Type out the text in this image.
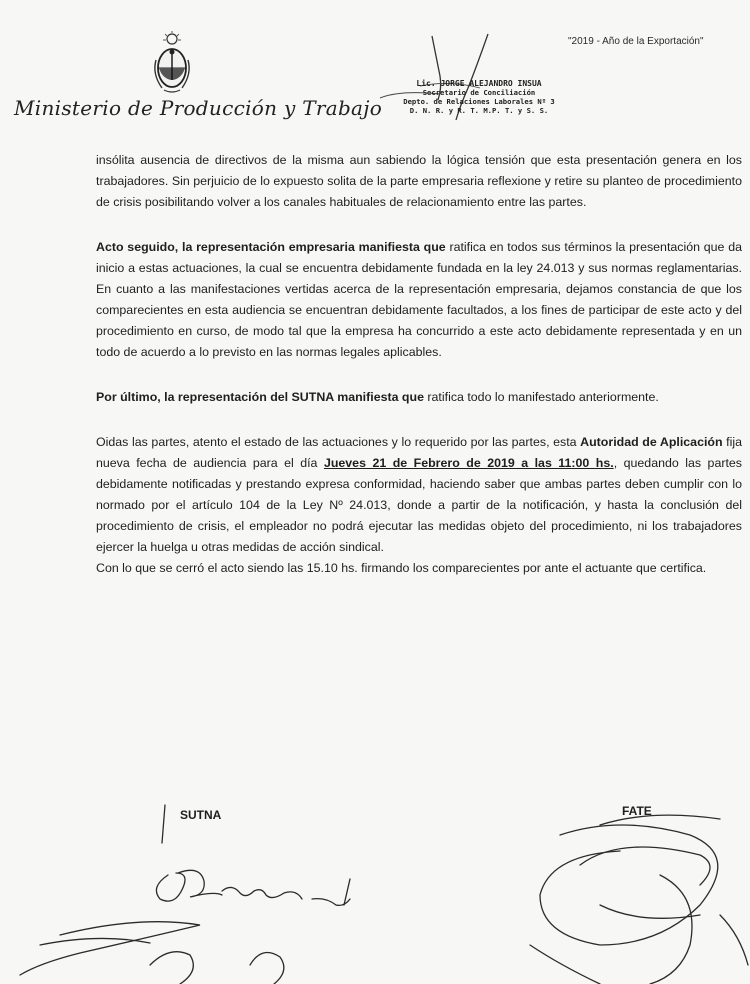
"2019 - Año de la Exportación"
Ministerio de Producción y Trabajo
Lic. JORGE ALEJANDRO INSUA
Secretario de Conciliación
Depto. de Relaciones Laborales Nº 3
D. N. R. y R. T. M.P. T. y S. S.

insólita ausencia de directivos de la misma aun sabiendo la lógica tensión que esta presentación genera en los trabajadores. Sin perjuicio de lo expuesto solita de la parte empresaria reflexione y retire su planteo de procedimiento de crisis posibilitando volver a los canales habituales de relacionamiento entre las partes.

Acto seguido, la representación empresaria manifiesta que ratifica en todos sus términos la presentación que da inicio a estas actuaciones, la cual se encuentra debidamente fundada en la ley 24.013 y sus normas reglamentarias. En cuanto a las manifestaciones vertidas acerca de la representación empresaria, dejamos constancia de que los comparecientes en esta audiencia se encuentran debidamente facultados, a los fines de participar de este acto y del procedimiento en curso, de modo tal que la empresa ha concurrido a este acto debidamente representada y en un todo de acuerdo a lo previsto en las normas legales aplicables.

Por último, la representación del SUTNA manifiesta que ratifica todo lo manifestado anteriormente.

Oidas las partes, atento el estado de las actuaciones y lo requerido por las partes, esta Autoridad de Aplicación fija nueva fecha de audiencia para el día Jueves 21 de Febrero de 2019 a las 11:00 hs., quedando las partes debidamente notificadas y prestando expresa conformidad, haciendo saber que ambas partes deben cumplir con lo normado por el artículo 104 de la Ley Nº 24.013, donde a partir de la notificación, y hasta la conclusión del procedimiento de crisis, el empleador no podrá ejecutar las medidas objeto del procedimiento, ni los trabajadores ejercer la huelga u otras medidas de acción sindical.

Con lo que se cerró el acto siendo las 15.10 hs. firmando los comparecientes por ante el actuante que certifica.

SUTNA	FATE
